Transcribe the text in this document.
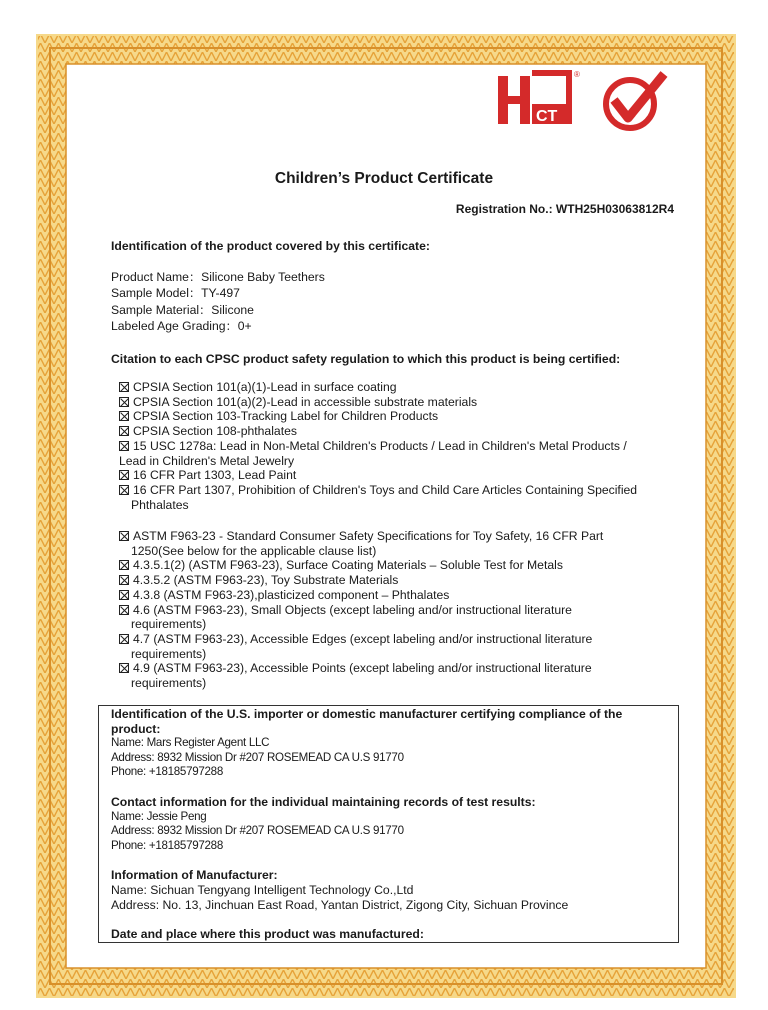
CT
®
Children’s Product Certificate
Registration No.: WTH25H03063812R4
Identification of the product covered by this certificate:
Product Name：Silicone Baby Teethers
Sample Model：TY-497
Sample Material：Silicone
Labeled Age Grading：0+
Citation to each CPSC product safety regulation to which this product is being certified:
CPSIA Section 101(a)(1)-Lead in surface coating
CPSIA Section 101(a)(2)-Lead in accessible substrate materials
CPSIA Section 103-Tracking Label for Children Products
CPSIA Section 108-phthalates
15 USC 1278a: Lead in Non-Metal Children's Products / Lead in Children's Metal Products /
Lead in Children's Metal Jewelry
16 CFR Part 1303, Lead Paint
16 CFR Part 1307, Prohibition of Children's Toys and Child Care Articles Containing Specified
Phthalates
ASTM F963-23 - Standard Consumer Safety Specifications for Toy Safety, 16 CFR Part
1250(See below for the applicable clause list)
4.3.5.1(2) (ASTM F963-23), Surface Coating Materials – Soluble Test for Metals
4.3.5.2 (ASTM F963-23), Toy Substrate Materials
4.3.8 (ASTM F963-23),plasticized component – Phthalates
4.6 (ASTM F963-23), Small Objects (except labeling and/or instructional literature
requirements)
4.7 (ASTM F963-23), Accessible Edges (except labeling and/or instructional literature
requirements)
4.9 (ASTM F963-23), Accessible Points (except labeling and/or instructional literature
requirements)
Identification of the U.S. importer or domestic manufacturer certifying compliance of the product:
Name: Mars Register Agent LLC
Address: 8932 Mission Dr #207 ROSEMEAD CA U.S 91770
Phone: +18185797288
Contact information for the individual maintaining records of test results:
Name: Jessie Peng
Address: 8932 Mission Dr #207 ROSEMEAD CA U.S 91770
Phone: +18185797288
Information of Manufacturer:
Name: Sichuan Tengyang Intelligent Technology Co.,Ltd
Address: No. 13, Jinchuan East Road, Yantan District, Zigong City, Sichuan Province
Date and place where this product was manufactured:
